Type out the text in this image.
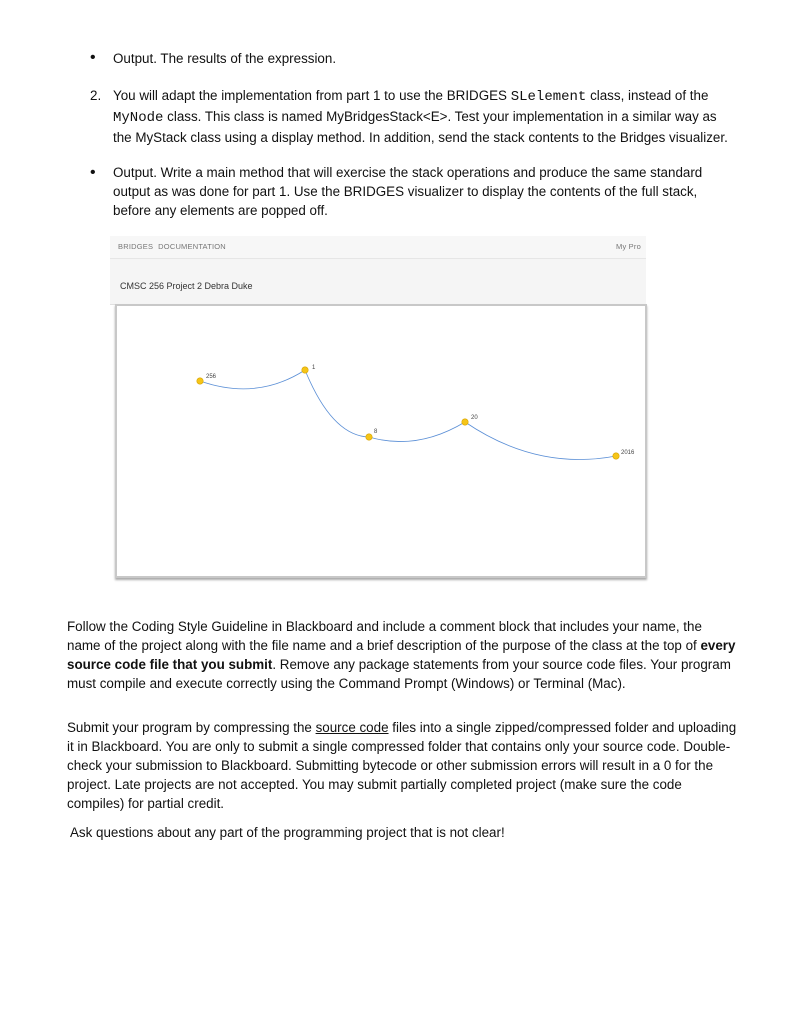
• Output. The results of the expression.
2. You will adapt the implementation from part 1 to use the BRIDGES SLelement class, instead of the MyNode class. This class is named MyBridgesStack<E>. Test your implementation in a similar way as the MyStack class using a display method. In addition, send the stack contents to the Bridges visualizer.
• Output. Write a main method that will exercise the stack operations and produce the same standard output as was done for part 1. Use the BRIDGES visualizer to display the contents of the full stack, before any elements are popped off.
BRIDGES DOCUMENTATION	My Pro
CMSC 256 Project 2 Debra Duke
256
1
8
20
2016
Follow the Coding Style Guideline in Blackboard and include a comment block that includes your name, the name of the project along with the file name and a brief description of the purpose of the class at the top of every source code file that you submit. Remove any package statements from your source code files. Your program must compile and execute correctly using the Command Prompt (Windows) or Terminal (Mac).
Submit your program by compressing the source code files into a single zipped/compressed folder and uploading it in Blackboard. You are only to submit a single compressed folder that contains only your source code. Double-check your submission to Blackboard. Submitting bytecode or other submission errors will result in a 0 for the project. Late projects are not accepted. You may submit partially completed project (make sure the code compiles) for partial credit.
Ask questions about any part of the programming project that is not clear!
